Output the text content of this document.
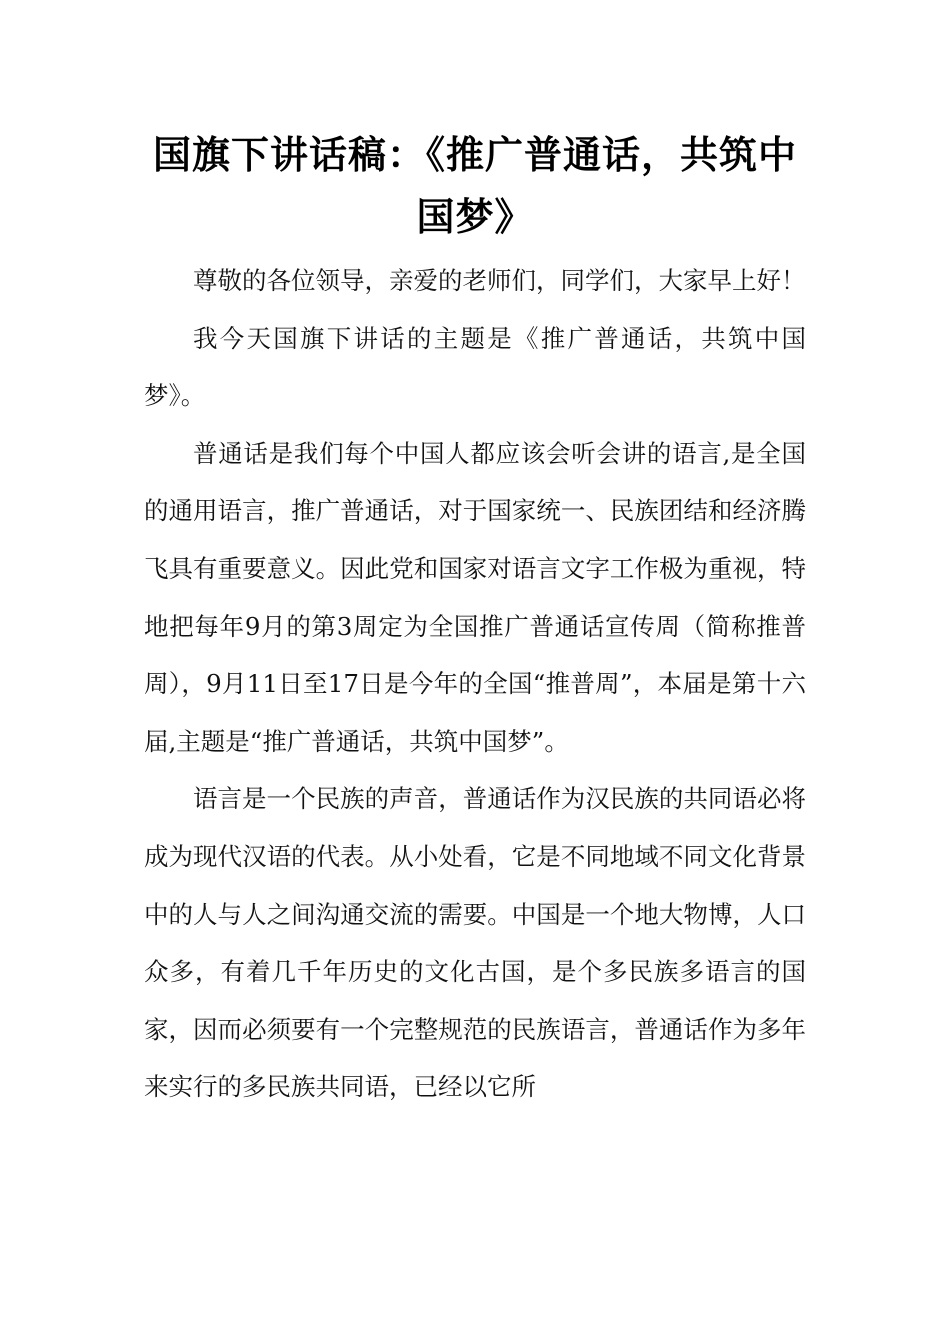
国旗下讲话稿：《推广普通话，共筑中国梦》

尊敬的各位领导，亲爱的老师们，同学们，大家早上好！

我今天国旗下讲话的主题是《推广普通话，共筑中国梦》。

普通话是我们每个中国人都应该会听会讲的语言,是全国的通用语言，推广普通话，对于国家统一、民族团结和经济腾飞具有重要意义。因此党和国家对语言文字工作极为重视，特地把每年9月的第3周定为全国推广普通话宣传周（简称推普周），9月11日至17日是今年的全国“推普周”，本届是第十六届,主题是“推广普通话，共筑中国梦”。

语言是一个民族的声音，普通话作为汉民族的共同语必将成为现代汉语的代表。从小处看，它是不同地域不同文化背景中的人与人之间沟通交流的需要。中国是一个地大物博，人口众多，有着几千年历史的文化古国，是个多民族多语言的国家，因而必须要有一个完整规范的民族语言，普通话作为多年来实行的多民族共同语，已经以它所
